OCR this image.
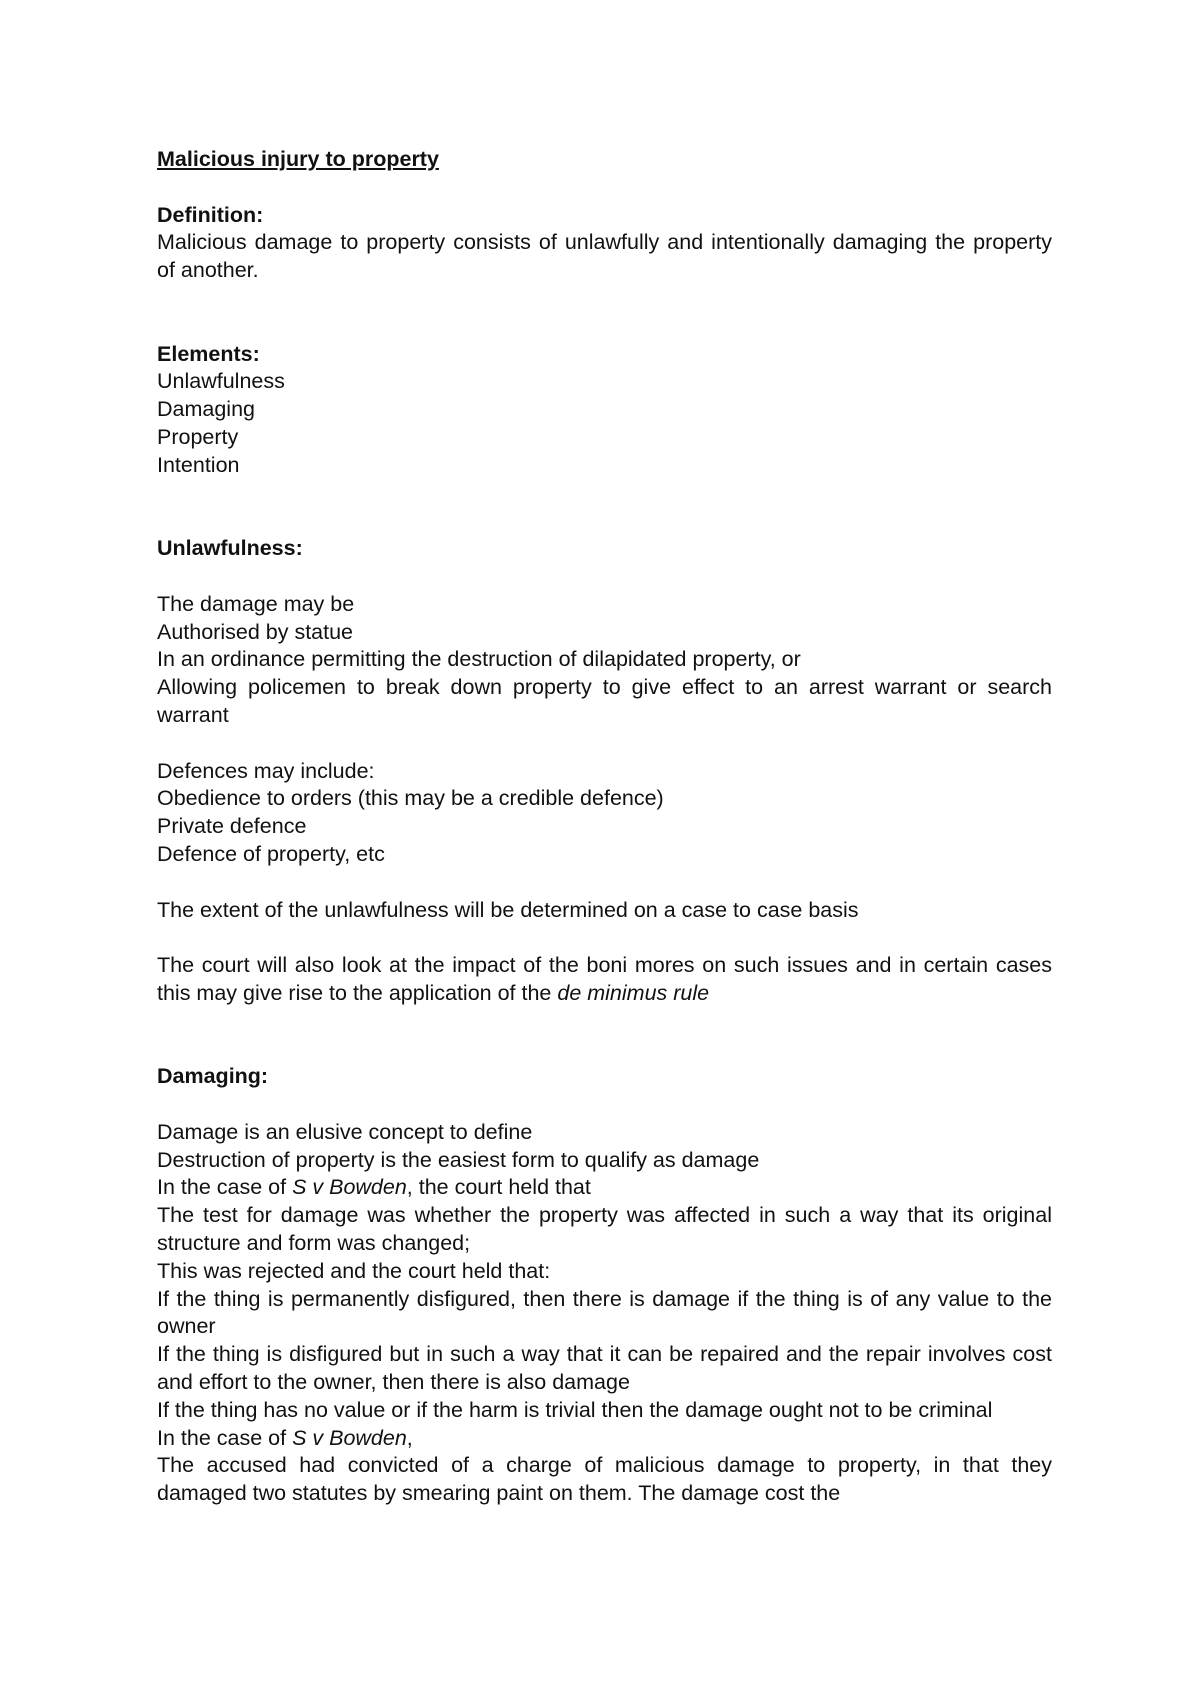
Malicious injury to property
Definition:
Malicious damage to property consists of unlawfully and intentionally damaging the property of another.
Elements:
Unlawfulness
Damaging
Property
Intention
Unlawfulness:
The damage may be
Authorised by statue
In an ordinance permitting the destruction of dilapidated property, or
Allowing policemen to break down property to give effect to an arrest warrant or search warrant
Defences may include:
Obedience to orders (this may be a credible defence)
Private defence
Defence of property, etc
The extent of the unlawfulness will be determined on a case to case basis
The court will also look at the impact of the boni mores on such issues and in certain cases this may give rise to the application of the de minimus rule
Damaging:
Damage is an elusive concept to define
Destruction of property is the easiest form to qualify as damage
In the case of S v Bowden, the court held that
The test for damage was whether the property was affected in such a way that its original structure and form was changed;
This was rejected and the court held that:
If the thing is permanently disfigured, then there is damage if the thing is of any value to the owner
If the thing is disfigured but in such a way that it can be repaired and the repair involves cost and effort to the owner, then there is also damage
If the thing has no value or if the harm is trivial then the damage ought not to be criminal
In the case of S v Bowden,
The accused had convicted of a charge of malicious damage to property, in that they damaged two statutes by smearing paint on them. The damage cost the
